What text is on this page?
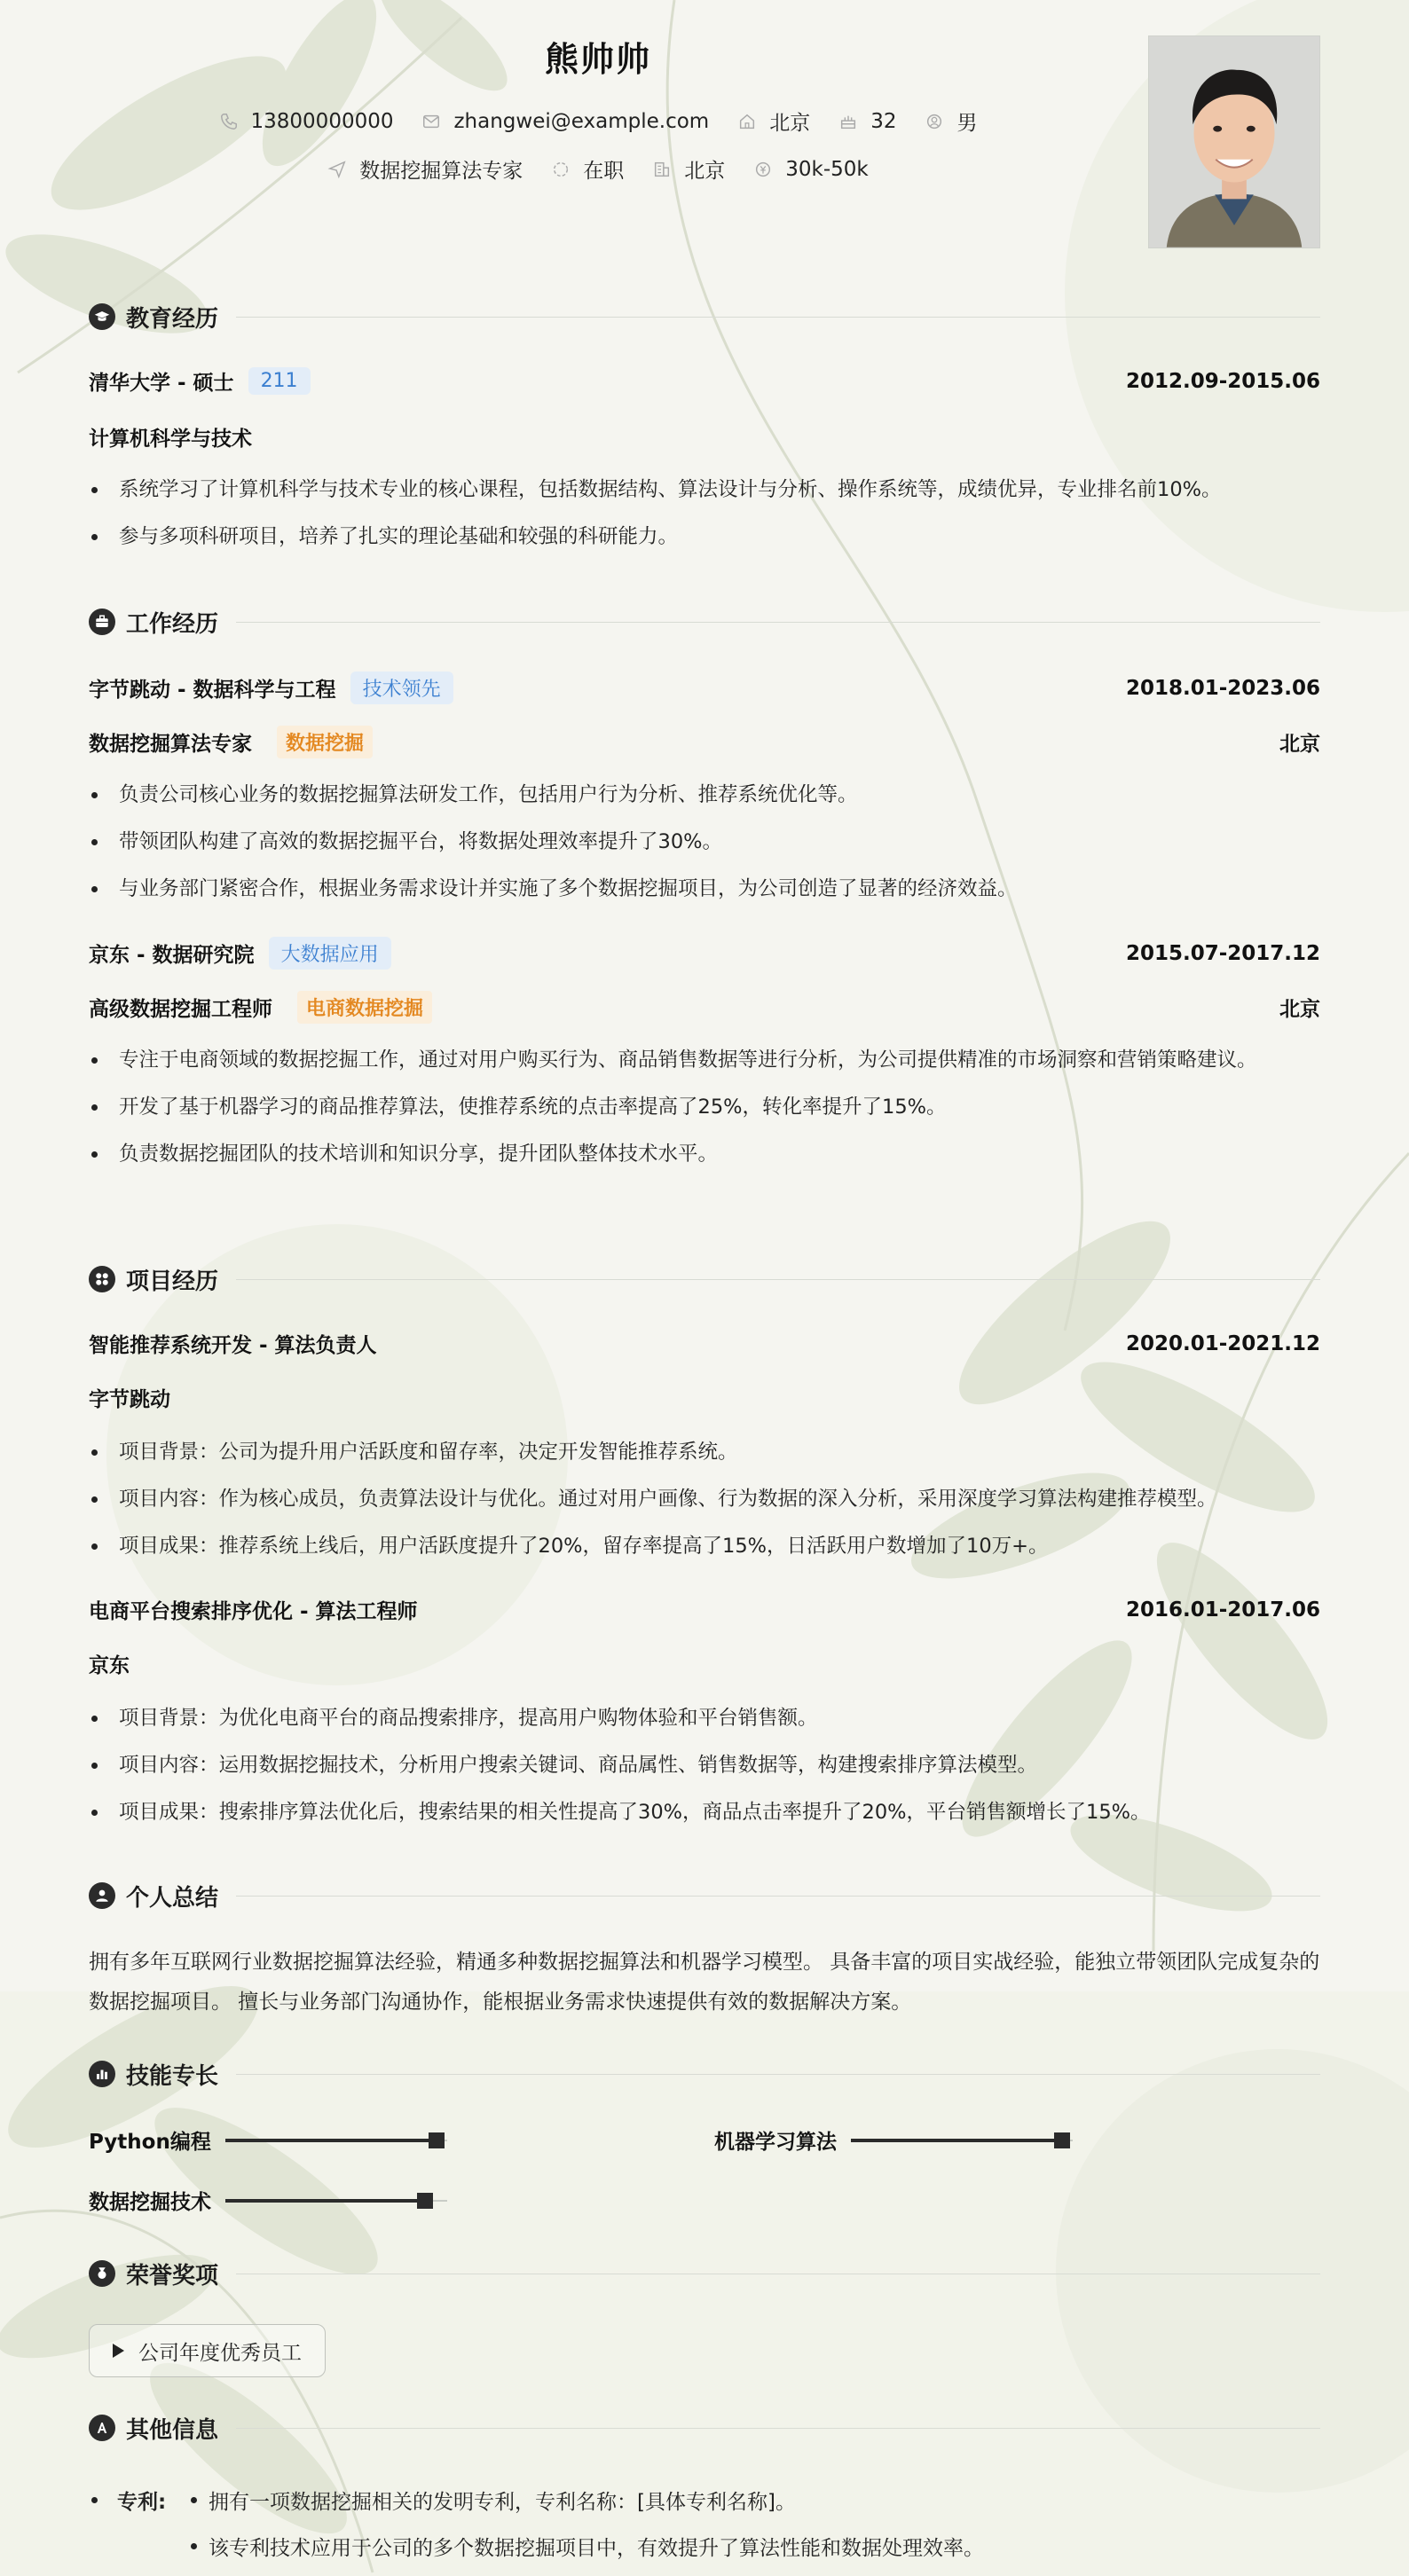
熊帅帅
13800000000	zhangwei@example.com	北京	32	男
数据挖掘算法专家	在职	北京	30k-50k
教育经历
清华大学 - 硕士	211	2012.09-2015.06
计算机科学与技术
系统学习了计算机科学与技术专业的核心课程，包括数据结构、算法设计与分析、操作系统等，成绩优异，专业排名前10%。
参与多项科研项目，培养了扎实的理论基础和较强的科研能力。
工作经历
字节跳动 - 数据科学与工程	技术领先	2018.01-2023.06
数据挖掘算法专家	数据挖掘	北京
负责公司核心业务的数据挖掘算法研发工作，包括用户行为分析、推荐系统优化等。
带领团队构建了高效的数据挖掘平台，将数据处理效率提升了30%。
与业务部门紧密合作，根据业务需求设计并实施了多个数据挖掘项目，为公司创造了显著的经济效益。
京东 - 数据研究院	大数据应用	2015.07-2017.12
高级数据挖掘工程师	电商数据挖掘	北京
专注于电商领域的数据挖掘工作，通过对用户购买行为、商品销售数据等进行分析，为公司提供精准的市场洞察和营销策略建议。
开发了基于机器学习的商品推荐算法，使推荐系统的点击率提高了25%，转化率提升了15%。
负责数据挖掘团队的技术培训和知识分享，提升团队整体技术水平。
项目经历
智能推荐系统开发 - 算法负责人	2020.01-2021.12
字节跳动
项目背景：公司为提升用户活跃度和留存率，决定开发智能推荐系统。
项目内容：作为核心成员，负责算法设计与优化。通过对用户画像、行为数据的深入分析，采用深度学习算法构建推荐模型。
项目成果：推荐系统上线后，用户活跃度提升了20%，留存率提高了15%，日活跃用户数增加了10万+。
电商平台搜索排序优化 - 算法工程师	2016.01-2017.06
京东
项目背景：为优化电商平台的商品搜索排序，提高用户购物体验和平台销售额。
项目内容：运用数据挖掘技术，分析用户搜索关键词、商品属性、销售数据等，构建搜索排序算法模型。
项目成果：搜索排序算法优化后，搜索结果的相关性提高了30%，商品点击率提升了20%，平台销售额增长了15%。
个人总结
拥有多年互联网行业数据挖掘算法经验，精通多种数据挖掘算法和机器学习模型。 具备丰富的项目实战经验，能独立带领团队完成复杂的数据挖掘项目。 擅长与业务部门沟通协作，能根据业务需求快速提供有效的数据解决方案。
技能专长
Python编程	机器学习算法
数据挖掘技术
荣誉奖项
公司年度优秀员工
其他信息
专利: 拥有一项数据挖掘相关的发明专利，专利名称：[具体专利名称]。
该专利技术应用于公司的多个数据挖掘项目中，有效提升了算法性能和数据处理效率。
